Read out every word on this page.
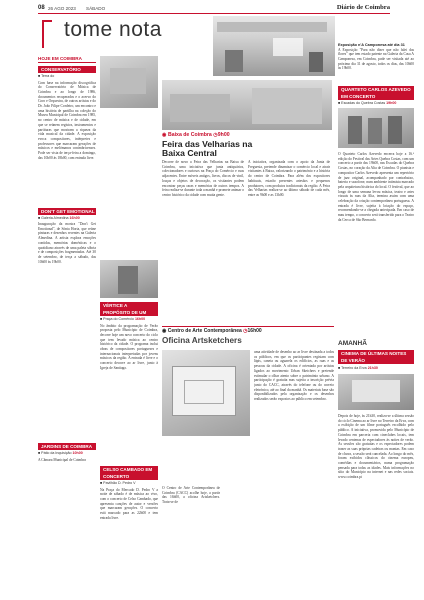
08 26 AGO 2023 SÁBADO	Diário de Coimbra
tome nota
Exposição n'A Camponesa até dia 31
A Exposição "Para não dizer que não falei das flores" que tem estado patente na Galeria da Casa A Camponesa, em Coimbra, pode ser visitada até ao próximo dia 31 de agosto, todos os dias, das 10h00 às 19h00.
HOJE EM COIMBRA
CONSERVATÓRIO
■ Terra do
Com base na informação discográfica do Conservatório de Música de Coimbra e ao longo de 1986, documentos recuperados e o acervo do Coro e Orquestra, de outros artistas e do Dr. João Filipe Cordeiro, um encontro e uma história de partilha na coleção do Museu Municipal de Coimbra em 1985, no centro de música e de cidade, em que se reúnem registos, instrumentos e partituras que mostram a riqueza da vida musical da cidade. A exposição evoca compositores, intérpretes e professores que marcaram gerações de músicos e melómanos conimbricenses. Pode ser vista de terça-feira a domingo, das 10h00 às 18h00, com entrada livre.
DON'T GET EMOTIONAL
■ Galeria Almedina 16h00
Inauguração da mostra "Don't Get Emotional", de Sónia Horta, que reúne pinturas e desenhos recentes na Galeria Almedina. A artista explora emoções contidas, memórias domésticas e o quotidiano através de uma paleta sóbria e de composições fragmentadas. Até 30 de setembro, de terça a sábado, das 10h00 às 19h00.
JARDINS DE COIMBRA
■ Pátio da Inquisição 10h00
A Câmara Municipal de Coimbra
VÉRTICE A PROPÓSITO DE UM
■ Praça do Comércio 16h00
No âmbito da programação de Verão proposta pelo Município de Coimbra, decorre hoje um novo concerto do ciclo que tem levado música ao centro histórico da cidade. O programa inclui obras de compositores portugueses e internacionais interpretadas por jovens músicos da região. A entrada é livre e o concerto decorre ao ar livre, junto à Igreja de Santiago.
CELSO CAMBADO EM CONCERTO
■ Pavilhão D. Pedro V
Na Praça do Mercado D. Pedro V a noite de sábado é de música ao vivo, com o concerto de Celso Cambado, que apresenta canções de autor e versões que marcaram gerações. O concerto está marcado para as 22h00 e tem entrada livre.
◉ Baixa de Coimbra ◷9h00
Feira das Velharias na Baixa Central
Decorre de novo a Feira das Velharias na Baixa de Coimbra, uma iniciativa que junta antiquários, colecionadores e curiosos na Praça do Comércio e ruas adjacentes. Entre móveis antigos, livros, discos de vinil, louças e objetos de decoração, os visitantes podem encontrar peças raras e memórias de outros tempos. A feira realiza-se durante toda a manhã e promete animar o centro histórico da cidade com muita gente.
A iniciativa, organizada com o apoio da Junta de Freguesia, pretende dinamizar o comércio local e atrair visitantes à Baixa, valorizando o património e a história do centro de Coimbra. Para além dos expositores habituais, estarão presentes artesãos e pequenos produtores, com produtos tradicionais da região. A Feira das Velharias realiza-se ao último sábado de cada mês, entre as 9h00 e as 13h00.
◉ Centro de Arte Contemporânea ◷16h00
Oficina Artsketchers
O Centro de Arte Contemporânea de Coimbra (CACC) acolhe hoje, a partir das 16h00, a oficina Artsketchers. Trata-se de
uma atividade de desenho ao ar livre destinada a todos os públicos, em que os participantes registam com lápis, caneta ou aguarela os edifícios, as ruas e as pessoas da cidade. A oficina é orientada por artistas ligados ao movimento Urban Sketchers e pretende estimular o olhar atento sobre o património urbano. A participação é gratuita mas sujeita a inscrição prévia junto do CACC, através do telefone ou do correio eletrónico, até ao final da manhã. Os materiais base são disponibilizados pela organização e os desenhos realizados serão expostos ao público em setembro.
QUARTETO CARLOS AZEVEDO EM CONCERTO
■ Escadas do Quebra Costas 19h00
O Quarteto Carlos Azevedo encerra hoje a 16.ª edição do Festival das Artes Quebra Costas, com um concerto a partir das 19h00, nas Escadas do Quebra Costas, no coração da Alta de Coimbra. O pianista e compositor Carlos Azevedo apresenta um repertório de jazz original, acompanhado por contrabaixo, bateria e saxofone, num ambiente intimista marcado pela arquitetura histórica do local. O festival, que ao longo de uma semana levou música, teatro e artes visuais às ruas da Alta, termina assim com uma celebração da criação contemporânea portuguesa. A entrada é livre, sujeita à lotação do espaço, recomendando-se a chegada antecipada. Em caso de mau tempo, o concerto será transferido para o Teatro da Cerca de São Bernardo.
AMANHÃ
CINEMA DE ÚLTIMAS NOITES DE VERÃO
■ Terreiro da Erva 21h30
Depois de hoje, às 21h30, realiza-se a última sessão do ciclo Cinema ao ar livre no Terreiro da Erva, com a exibição de um filme português escolhido pelo público. A iniciativa, promovida pelo Município de Coimbra em parceria com cineclubes locais, tem levado centenas de espectadores às noites de verão. As sessões são gratuitas e os espectadores podem trazer as suas próprias cadeiras ou mantas. Em caso de chuva, a sessão será cancelada. Ao longo do mês, foram exibidos clássicos do cinema europeu, comédias e documentários, numa programação pensada para todas as idades. Mais informações no sítio do Município na internet e nas redes sociais. www.coimbra.pt
